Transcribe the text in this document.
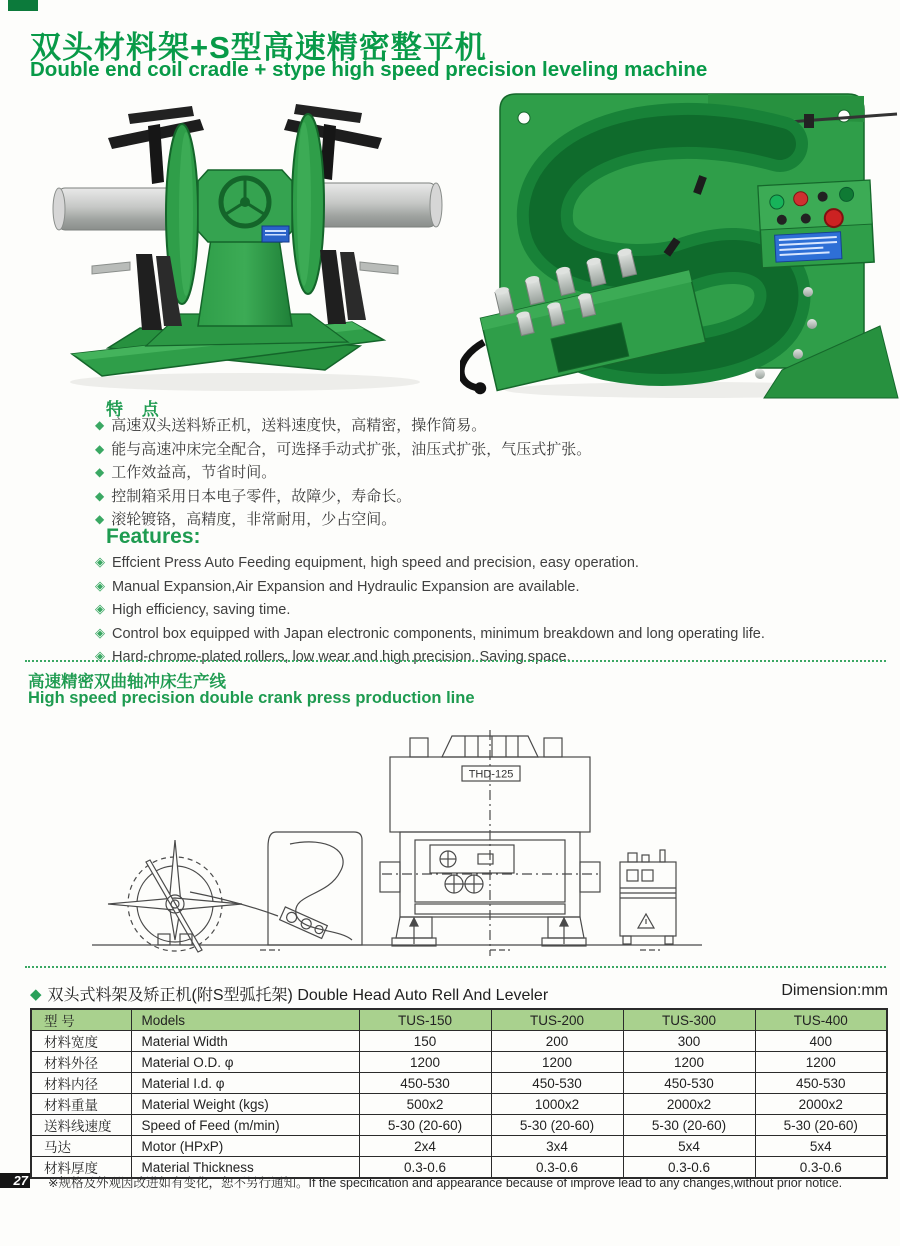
双头材料架+S型高速精密整平机
Double end coil cradle + stype high speed precision leveling machine
特 点
◆ 高速双头送料矫正机，送料速度快，高精密，操作简易。
◆ 能与高速冲床完全配合，可选择手动式扩张，油压式扩张，气压式扩张。
◆ 工作效益高，节省时间。
◆ 控制箱采用日本电子零件，故障少，寿命长。
◆ 滚轮镀铬，高精度，非常耐用，少占空间。
Features:
◈ Effcient Press Auto Feeding equipment, high speed and precision, easy operation.
◈ Manual Expansion,Air Expansion and Hydraulic Expansion are available.
◈ High efficiency, saving time.
◈ Control box equipped with Japan electronic components, minimum breakdown and long operating life.
◈ Hard-chrome-plated rollers, low wear and high precision. Saving space.
高速精密双曲轴冲床生产线
High speed precision double crank press production line
THD-125
◆ 双头式料架及矫正机(附S型弧托架) Double Head Auto Rell And Leveler	Dimension:mm
型 号	Models	TUS-150	TUS-200	TUS-300	TUS-400
材料宽度	Material Width	150	200	300	400
材料外径	Material O.D. φ	1200	1200	1200	1200
材料内径	Material I.d. φ	450-530	450-530	450-530	450-530
材料重量	Material Weight (kgs)	500x2	1000x2	2000x2	2000x2
送料线速度	Speed of Feed (m/min)	5-30 (20-60)	5-30 (20-60)	5-30 (20-60)	5-30 (20-60)
马达	Motor (HPxP)	2x4	3x4	5x4	5x4
材料厚度	Material Thickness	0.3-0.6	0.3-0.6	0.3-0.6	0.3-0.6
27 ※规格及外观因改进如有变化，恕不另行通知。If the specification and appearance because of improve lead to any changes,without prior notice.
